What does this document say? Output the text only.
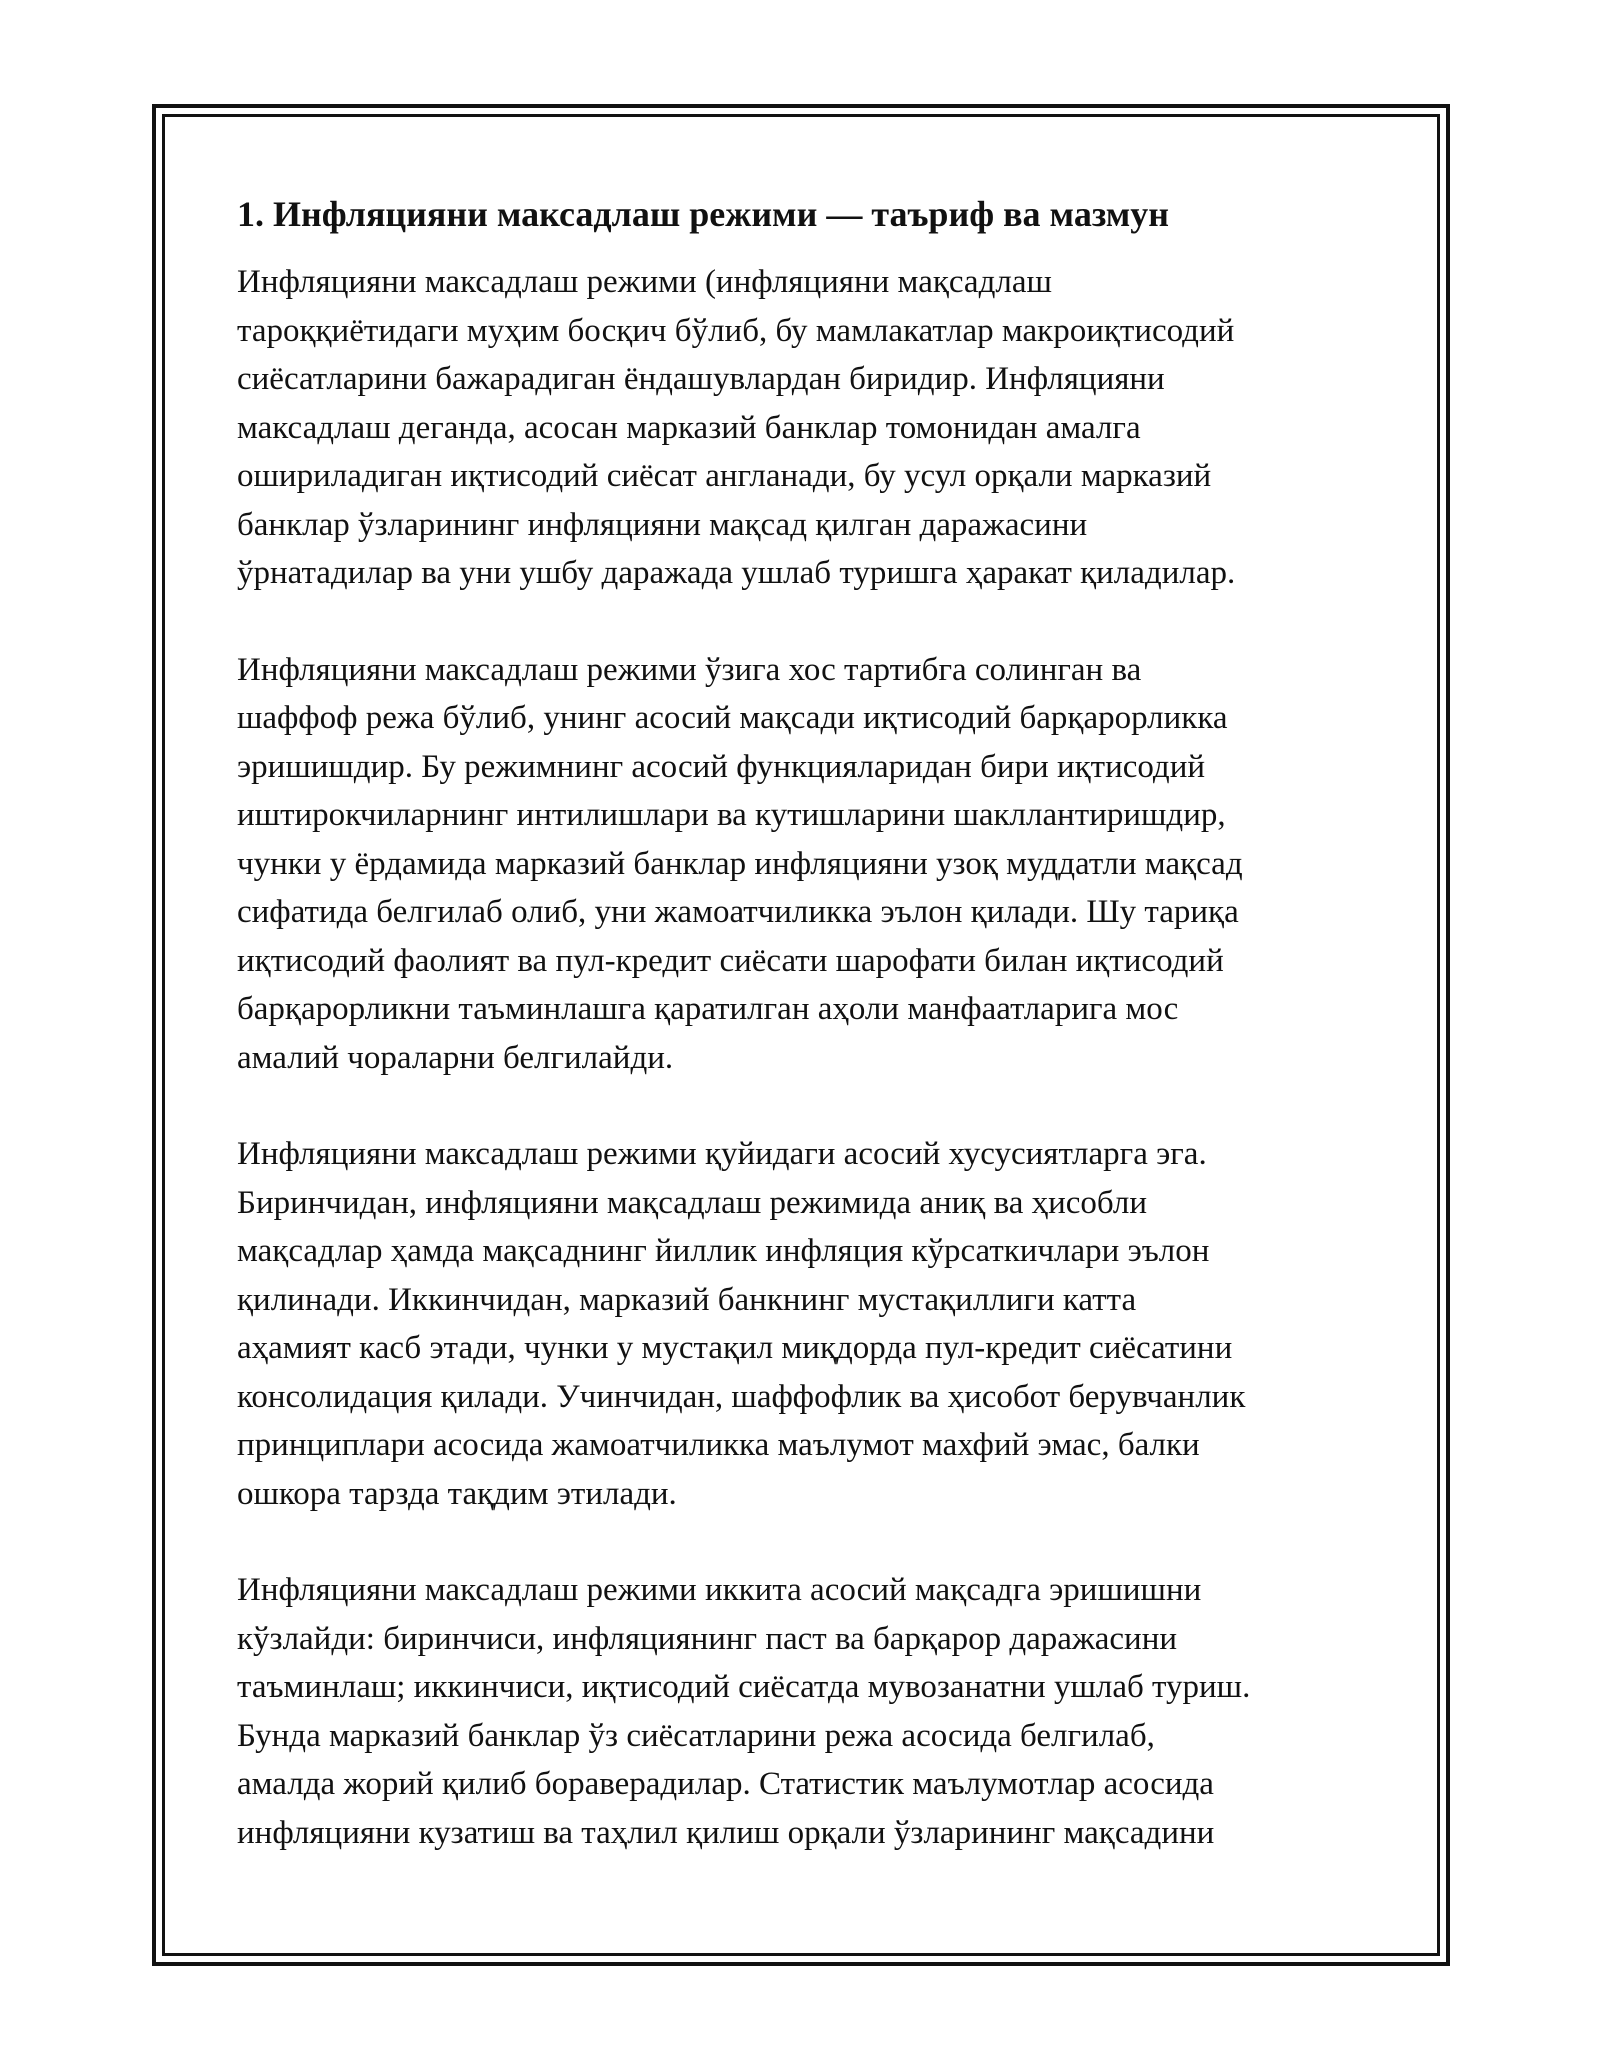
1. Инфляцияни максадлаш режими — таъриф ва мазмун

Инфляцияни максадлаш режими (инфляцияни мақсадлаш
тароққиётидаги муҳим босқич бўлиб, бу мамлакатлар макроиқтисодий
сиёсатларини бажарадиган ёндашувлардан биридир. Инфляцияни
максадлаш деганда, асосан марказий банклар томонидан амалга
ошириладиган иқтисодий сиёсат англанади, бу усул орқали марказий
банклар ўзларининг инфляцияни мақсад қилган даражасини
ўрнатадилар ва уни ушбу даражада ушлаб туришга ҳаракат қиладилар.

Инфляцияни максадлаш режими ўзига хос тартибга солинган ва
шаффоф режа бўлиб, унинг асосий мақсади иқтисодий барқарорликка
эришишдир. Бу режимнинг асосий функцияларидан бири иқтисодий
иштирокчиларнинг интилишлари ва кутишларини шакллантиришдир,
чунки у ёрдамида марказий банклар инфляцияни узоқ муддатли мақсад
сифатида белгилаб олиб, уни жамоатчиликка эълон қилади. Шу тариқа
иқтисодий фаолият ва пул-кредит сиёсати шарофати билан иқтисодий
барқарорликни таъминлашга қаратилган аҳоли манфаатларига мос
амалий чораларни белгилайди.

Инфляцияни максадлаш режими қуйидаги асосий хусусиятларга эга.
Биринчидан, инфляцияни мақсадлаш режимида аниқ ва ҳисобли
мақсадлар ҳамда мақсаднинг йиллик инфляция кўрсаткичлари эълон
қилинади. Иккинчидан, марказий банкнинг мустақиллиги катта
аҳамият касб этади, чунки у мустақил миқдорда пул-кредит сиёсатини
консолидация қилади. Учинчидан, шаффофлик ва ҳисобот берувчанлик
принциплари асосида жамоатчиликка маълумот махфий эмас, балки
ошкора тарзда тақдим этилади.

Инфляцияни максадлаш режими иккита асосий мақсадга эришишни
кўзлайди: биринчиси, инфляциянинг паст ва барқарор даражасини
таъминлаш; иккинчиси, иқтисодий сиёсатда мувозанатни ушлаб туриш.
Бунда марказий банклар ўз сиёсатларини режа асосида белгилаб,
амалда жорий қилиб бораверадилар. Статистик маълумотлар асосида
инфляцияни кузатиш ва таҳлил қилиш орқали ўзларининг мақсадини
